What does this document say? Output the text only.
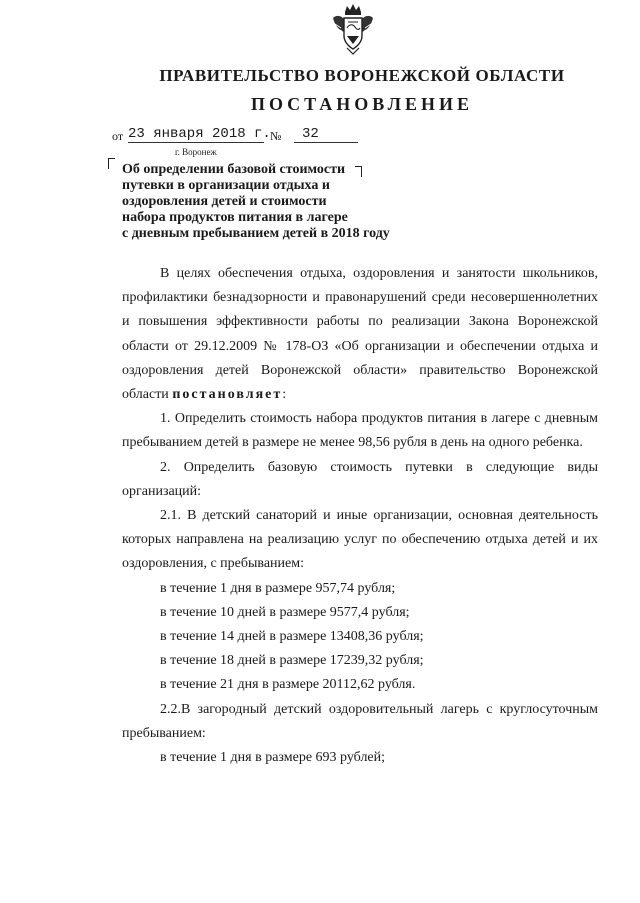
ПРАВИТЕЛЬСТВО ВОРОНЕЖСКОЙ ОБЛАСТИ
ПОСТАНОВЛЕНИЕ
от 23 января 2018 г. №	32
г. Воронеж
Об определении базовой стоимости
путевки в организации отдыха и
оздоровления детей и стоимости
набора продуктов питания в лагере
с дневным пребыванием детей в 2018 году

В целях обеспечения отдыха, оздоровления и занятости школьников,

профилактики безнадзорности и правонарушений среди несовершеннолетних

и повышения эффективности работы по реализации Закона Воронежской

области от 29.12.2009 № 178-ОЗ «Об организации и обеспечении отдыха и

оздоровления детей Воронежской области» правительство Воронежской

области постановляет:

1. Определить стоимость набора продуктов питания в лагере с дневным пребыванием детей в размере не менее 98,56 рубля в день на одного ребенка.

2. Определить базовую стоимость путевки в следующие виды организаций:

2.1. В детский санаторий и иные организации, основная деятельность которых направлена на реализацию услуг по обеспечению отдыха детей и их оздоровления, с пребыванием:

в течение 1 дня в размере 957,74 рубля;

в течение 10 дней в размере 9577,4 рубля;

в течение 14 дней в размере 13408,36 рубля;

в течение 18 дней в размере 17239,32 рубля;

в течение 21 дня в размере 20112,62 рубля.

2.2.В загородный детский оздоровительный лагерь с круглосуточным пребыванием:

в течение 1 дня в размере 693 рублей;
